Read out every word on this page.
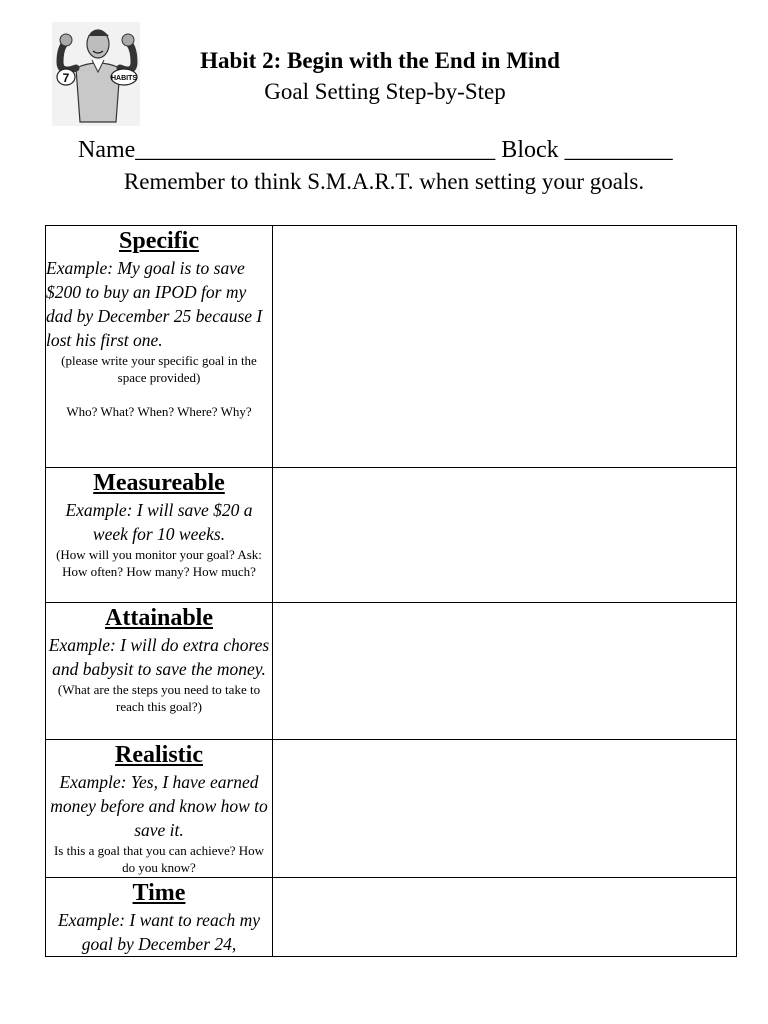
7	HABITS
Habit 2: Begin with the End in Mind
Goal Setting Step-by-Step
Name______________________________ Block _________
Remember to think S.M.A.R.T. when setting your goals.
Specific
Example: My goal is to save $200 to buy an IPOD for my dad by December 25 because I lost his first one.
(please write your specific goal in the space provided)
Who? What? When? Where? Why?	

Measureable
Example: I will save $20 a week for 10 weeks.
(How will you monitor your goal? Ask: How often? How many? How much?	

Attainable
Example: I will do extra chores and babysit to save the money.
(What are the steps you need to take to reach this goal?)	

Realistic
Example: Yes, I have earned money before and know how to save it.
Is this a goal that you can achieve? How do you know?	

Time
Example: I want to reach my goal by December 24,	
